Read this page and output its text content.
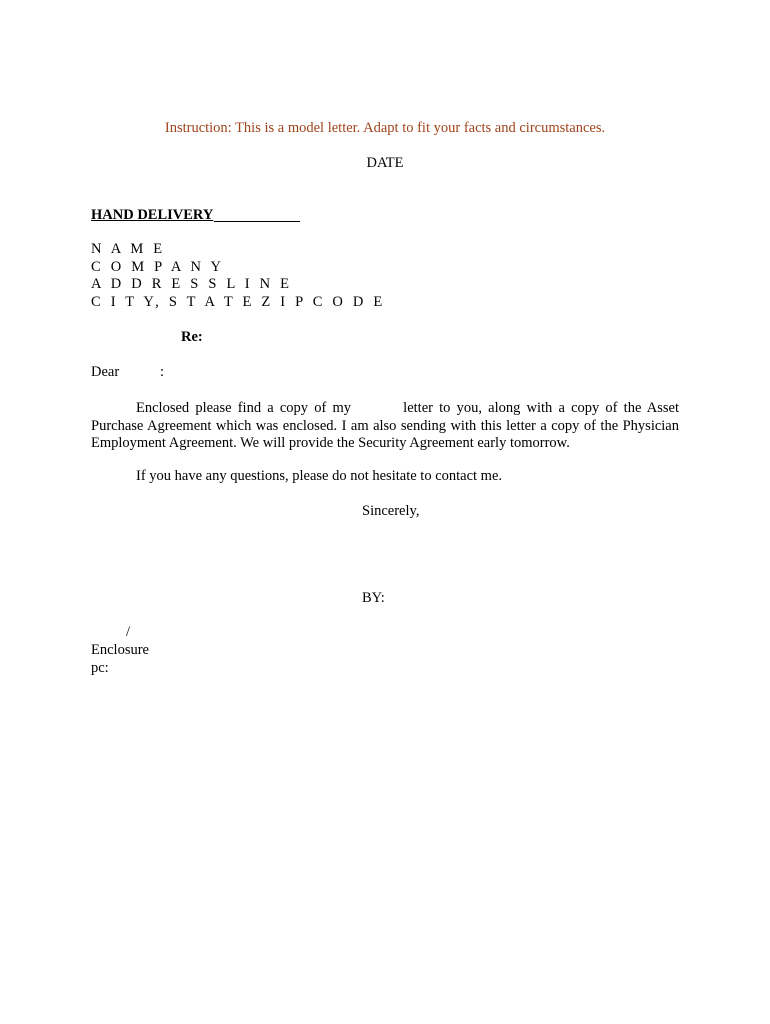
Instruction: This is a model letter. Adapt to fit your facts and circumstances.
DATE
HAND DELIVERY
N A M E
C O M P A N Y
A D D R E S S L I N E
C I T Y, S T A T E Z I P C O D E
Re:
Dear	:
Enclosed please find a copy of my	letter to you, along with a copy of the Asset Purchase Agreement which was enclosed. I am also sending with this letter a copy of the Physician Employment Agreement. We will provide the Security Agreement early tomorrow.
If you have any questions, please do not hesitate to contact me.
Sincerely,
BY:
/
Enclosure
pc:
